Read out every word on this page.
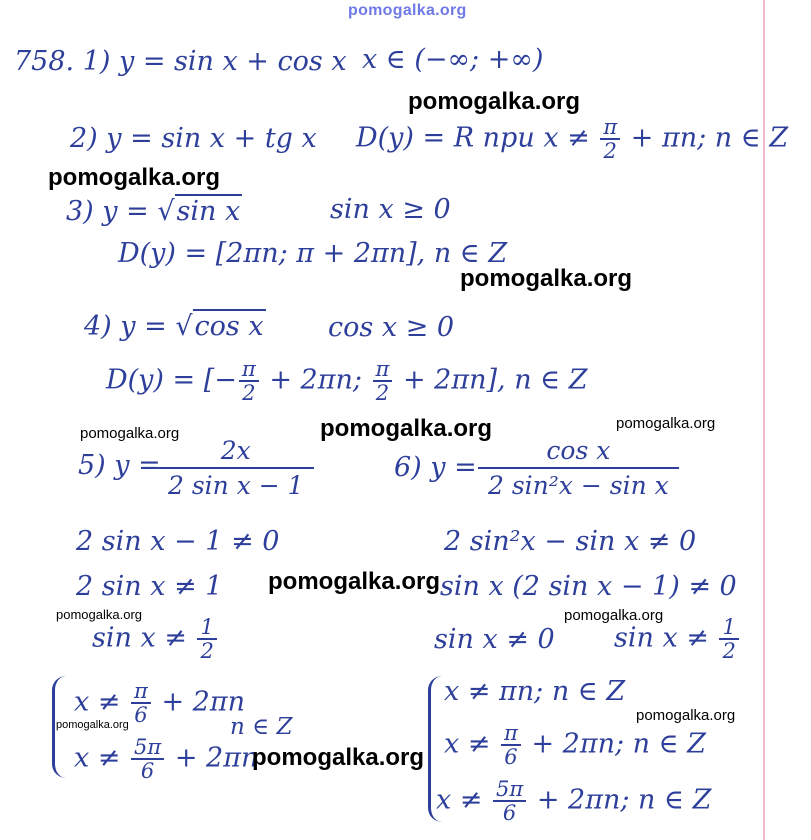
pomogalka.org
758. 1) y = sin x + cos x x ∈ (−∞; +∞)
2) y = sin x + tg x D(y) = R при $x \ne \frac{\pi}{2} + \pi n$; n ∈ Z
3) y = √sin x	sin x ≥ 0
D(y) = [2πn; π + 2πn], n ∈ Z
4) y = √cos x cos x ≥ 0
D(y) = [− $\frac{\pi}{2} + 2\pi n$; $\frac{\pi}{2} + 2\pi n$], n ∈ Z
5) y =
$\frac{2x}{\text{2 sin x − 1}}$
2 sin x − 1 ≠ 0
2 sin x ≠ 1
$\sin x \ne \frac{1}{2}$
$x \ne \frac{\pi}{6} + 2\pi n$
$x \ne \frac{5\pi}{6} + 2\pi n$
n ∈ Z
6) $y = \frac{\text{cos x}}{\text{2 sin²x − sin x}}$
2 sin²x − sin x ≠ 0
sin x (2 sin x − 1) ≠ 0
sin x ≠ 0 $\sin x \ne \frac{1}{2}$
x ≠ πn; n ∈ Z
$x \ne \frac{\pi}{6} + 2\pi n$; n ∈ Z
$x \ne \frac{5\pi}{6} + 2\pi n$; n ∈ Z
pomogalka.org
pomogalka.org
pomogalka.org
pomogalka.org	pomogalka.org	pomogalka.org
pomogalka.org
pomogalka.org	pomogalka.org
pomogalka.org
pomogalka.org
pomogalka.org
